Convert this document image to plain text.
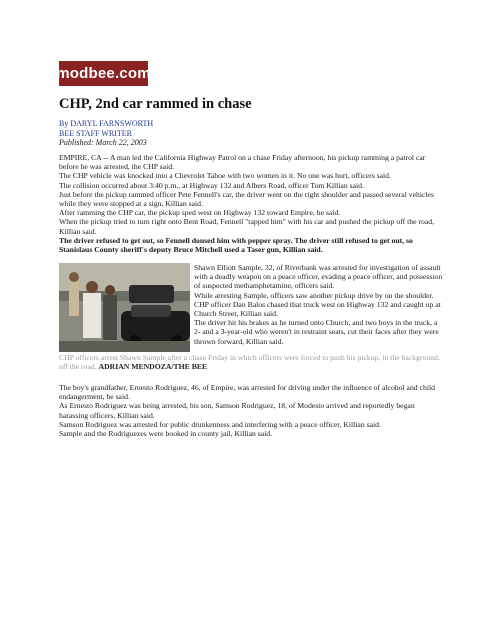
modbee.com
CHP, 2nd car rammed in chase
By DARYL FARNSWORTH
BEE STAFF WRITER
Published: March 22, 2003

EMPIRE, CA -- A man led the California Highway Patrol on a chase Friday afternoon, his pickup ramming a patrol car before he was arrested, the CHP said.

The CHP vehicle was knocked into a Chevrolet Tahoe with two women in it. No one was hurt, officers said.

The collision occurred about 3:40 p.m., at Highway 132 and Albers Road, officer Tom Killian said.

Just before the pickup rammed officer Pete Fennell's car, the driver went on the right shoulder and passed several vehicles while they were stopped at a sign, Killian said.

After ramming the CHP car, the pickup sped west on Highway 132 toward Empire, he said.

When the pickup tried to turn right onto Bent Road, Fennell "tapped him" with his car and pushed the pickup off the road, Killian said.

The driver refused to get out, so Fennell doused him with pepper spray. The driver still refused to get out, so Stanislaus County sheriff's deputy Bruce Mitchell used a Taser gun, Killian said.

Shawn Elliott Sample, 32, of Riverbank was arrested for investigation of assault with a deadly weapon on a peace officer, evading a peace officer, and possession of suspected methamphetamine, officers said.

While arresting Sample, officers saw another pickup drive by on the shoulder. CHP officer Dan Balos chased that truck west on Highway 132 and caught up at Church Street, Killian said.

The driver hit his brakes as he turned onto Church, and two boys in the truck, a 2- and a 3-year-old who weren't in restraint seats, cut their faces after they were thrown forward, Killian said.

CHP officers arrest Shawn Sample after a chase Friday in which officers were forced to push his pickup, in the background, off the road. ADRIAN MENDOZA/THE BEE

The boy's grandfather, Ernesto Rodriguez, 46, of Empire, was arrested for driving under the influence of alcohol and child endangerment, he said.

As Ernesto Rodriguez was being arrested, his son, Samson Rodriguez, 18, of Modesto arrived and reportedly began harassing officers, Killian said.

Samson Rodriguez was arrested for public drunkenness and interfering with a peace officer, Killian said.

Sample and the Rodriguezes were booked in county jail, Killian said.
